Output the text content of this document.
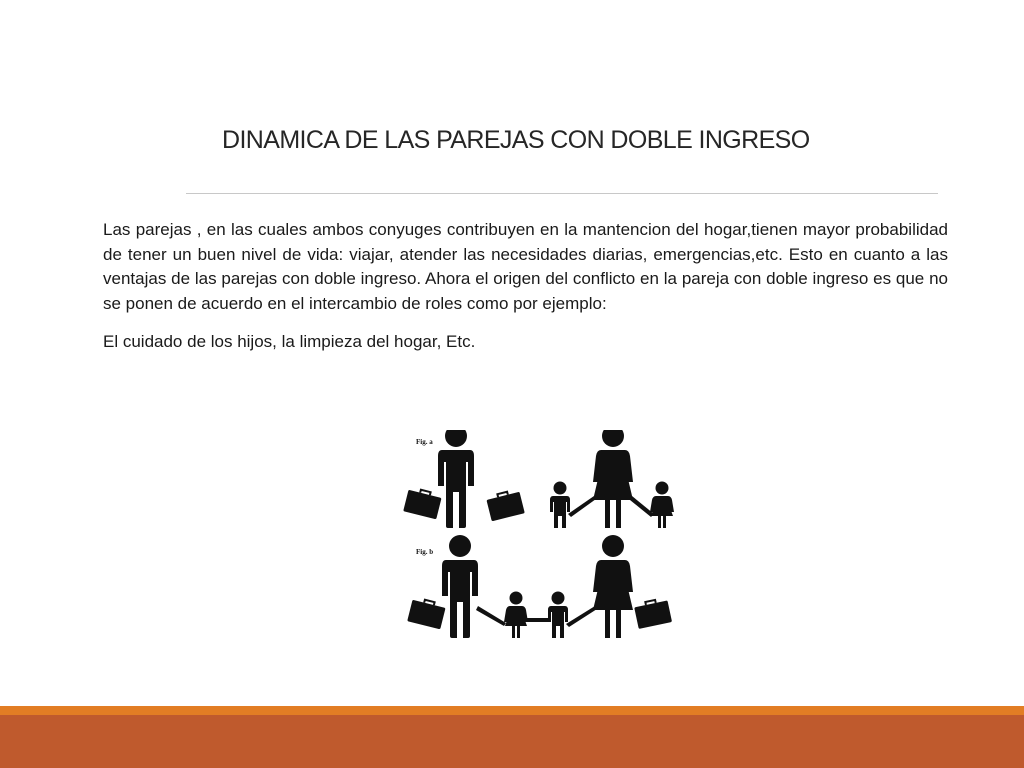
DINAMICA DE LAS PAREJAS CON DOBLE INGRESO

Las parejas , en las cuales ambos conyuges contribuyen en la mantencion del hogar,tienen mayor probabilidad de tener un buen nivel de vida: viajar, atender las necesidades diarias, emergencias,etc. Esto en cuanto a las ventajas de las parejas con doble ingreso. Ahora el origen del conflicto en la pareja con doble ingreso es que no se ponen de acuerdo en el intercambio de roles como por ejemplo:

El cuidado de los hijos, la limpieza del hogar, Etc.

Fig. a
Fig. b
